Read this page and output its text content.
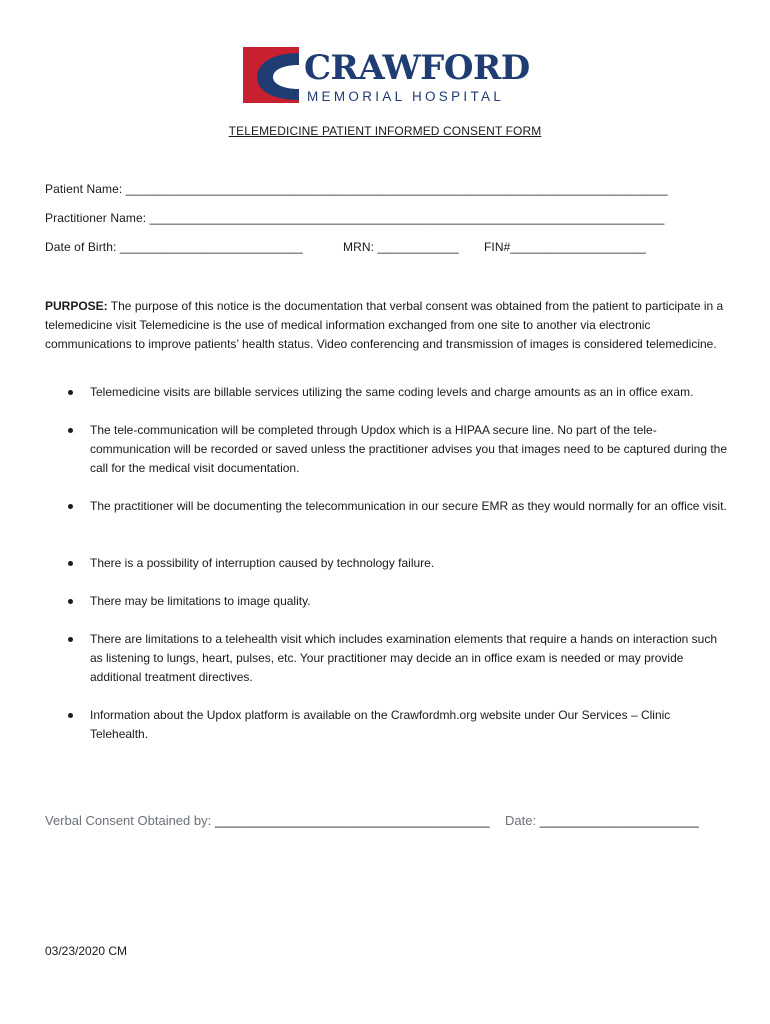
CRAWFORD
MEMORIAL HOSPITAL
TELEMEDICINE PATIENT INFORMED CONSENT FORM
Patient Name: ________________________________________________________________________________
Practitioner Name: ____________________________________________________________________________
Date of Birth: ___________________________	MRN: ____________ FIN#____________________
PURPOSE: The purpose of this notice is the documentation that verbal consent was obtained from the patient to participate in a telemedicine visit Telemedicine is the use of medical information exchanged from one site to another via electronic communications to improve patients’ health status. Video conferencing and transmission of images is considered telemedicine.
Telemedicine visits are billable services utilizing the same coding levels and charge amounts as an in office exam.
The tele-communication will be completed through Updox which is a HIPAA secure line. No part of the tele-communication will be recorded or saved unless the practitioner advises you that images need to be captured during the call for the medical visit documentation.
The practitioner will be documenting the telecommunication in our secure EMR as they would normally for an office visit.
There is a possibility of interruption caused by technology failure.
There may be limitations to image quality.
There are limitations to a telehealth visit which includes examination elements that require a hands on interaction such as listening to lungs, heart, pulses, etc. Your practitioner may decide an in office exam is needed or may provide additional treatment directives.
Information about the Updox platform is available on the Crawfordmh.org website under Our Services – Clinic Telehealth.
Verbal Consent Obtained by: ______________________________________ Date: ______________________
03/23/2020 CM
